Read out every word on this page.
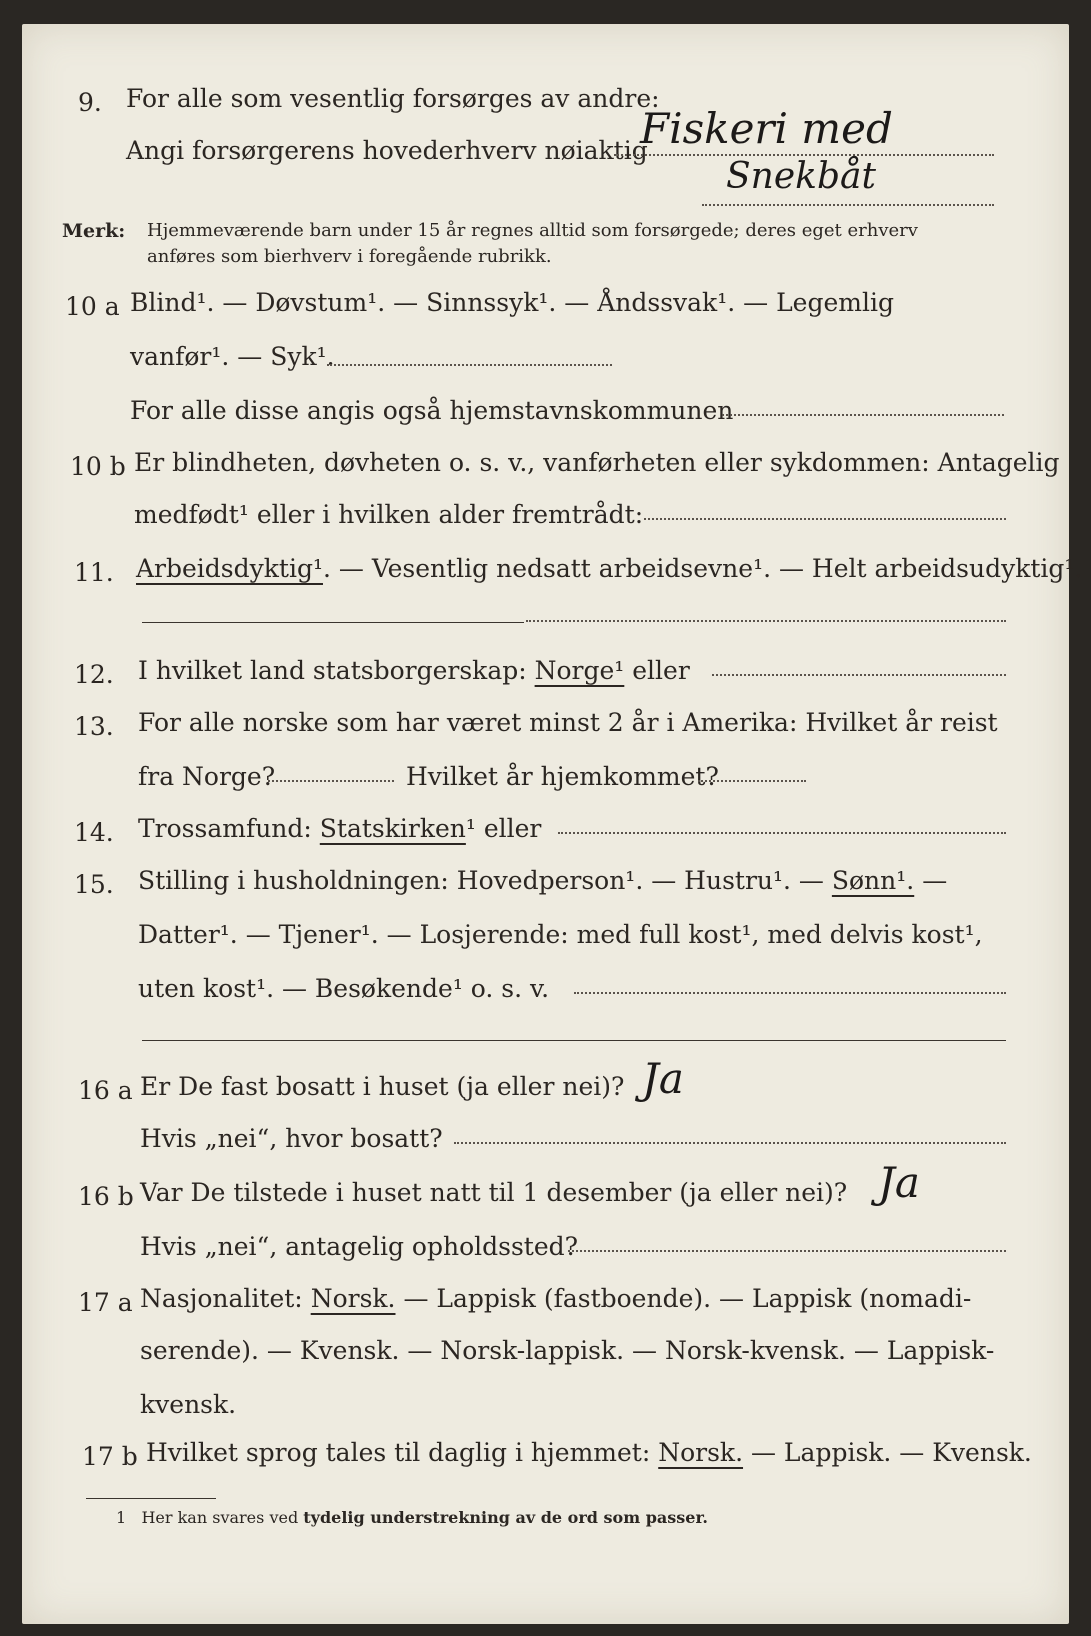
9. For alle som vesentlig forsørges av andre:
Angi forsørgerens hovederhverv nøiaktig
Fiskeri med
Snekbåt
Merk: Hjemmeværende barn under 15 år regnes alltid som forsørgede; deres eget erhverv
anføres som bierhverv i foregående rubrikk.
10 a Blind¹. — Døvstum¹. — Sinnssyk¹. — Åndssvak¹. — Legemlig
vanfør¹. — Syk¹.
For alle disse angis også hjemstavnskommunen
10 b Er blindheten, døvheten o. s. v., vanførheten eller sykdommen: Antagelig
medfødt¹ eller i hvilken alder fremtrådt:
11. Arbeidsdyktig¹. — Vesentlig nedsatt arbeidsevne¹. — Helt arbeidsudyktig¹.
12. I hvilket land statsborgerskap: Norge¹ eller
13. For alle norske som har været minst 2 år i Amerika: Hvilket år reist
fra Norge?	Hvilket år hjemkommet?
14. Trossamfund: Statskirken¹ eller
15. Stilling i husholdningen: Hovedperson¹. — Hustru¹. — Sønn¹. —
Datter¹. — Tjener¹. — Losjerende: med full kost¹, med delvis kost¹,
uten kost¹. — Besøkende¹ o. s. v.
16 a Er De fast bosatt i huset (ja eller nei)? Ja
Hvis „nei“, hvor bosatt?
16 b Var De tilstede i huset natt til 1 desember (ja eller nei)? Ja
Hvis „nei“, antagelig opholdssted?
17 a Nasjonalitet: Norsk. — Lappisk (fastboende). — Lappisk (nomadi-
serende). — Kvensk. — Norsk-lappisk. — Norsk-kvensk. — Lappisk-
kvensk.
17 b Hvilket sprog tales til daglig i hjemmet: Norsk. — Lappisk. — Kvensk.
1 Her kan svares ved tydelig understrekning av de ord som passer.
